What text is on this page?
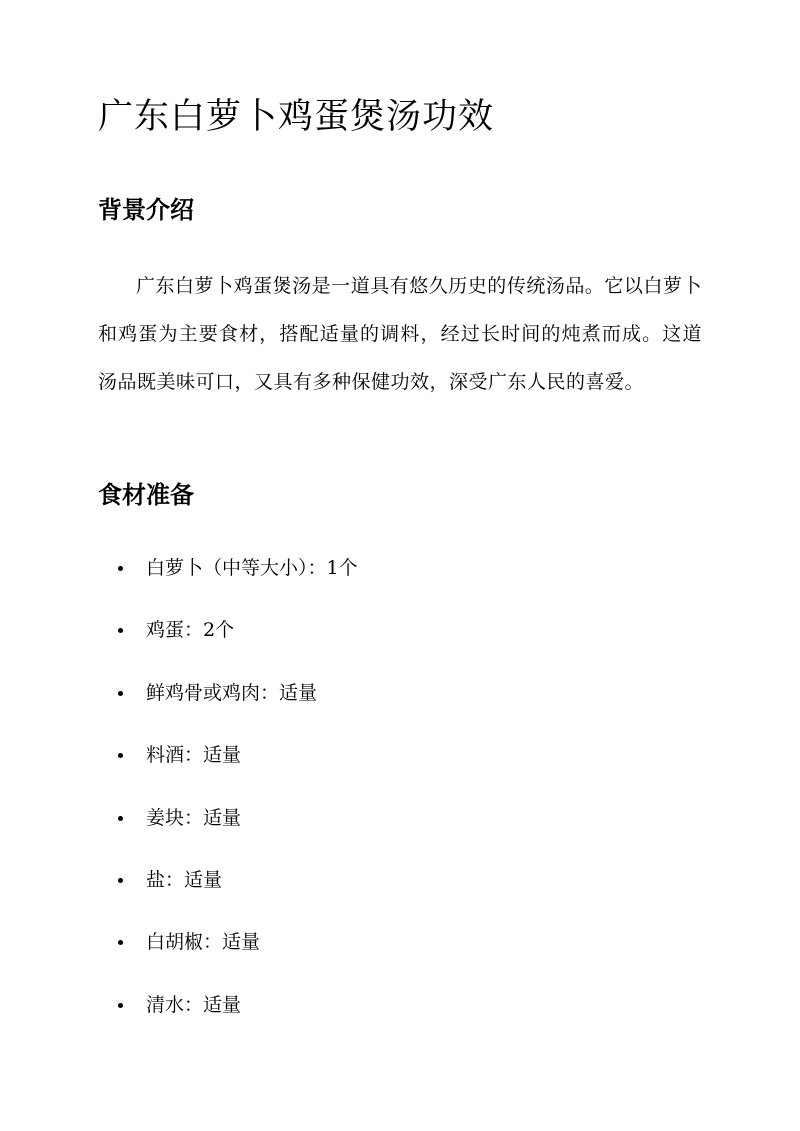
广东白萝卜鸡蛋煲汤功效
背景介绍

广东白萝卜鸡蛋煲汤是一道具有悠久历史的传统汤品。它以白萝卜和鸡蛋为主要食材，搭配适量的调料，经过长时间的炖煮而成。这道汤品既美味可口，又具有多种保健功效，深受广东人民的喜爱。

食材准备
白萝卜（中等大小）：1个
鸡蛋：2个
鲜鸡骨或鸡肉：适量
料酒：适量
姜块：适量
盐：适量
白胡椒：适量
清水：适量
